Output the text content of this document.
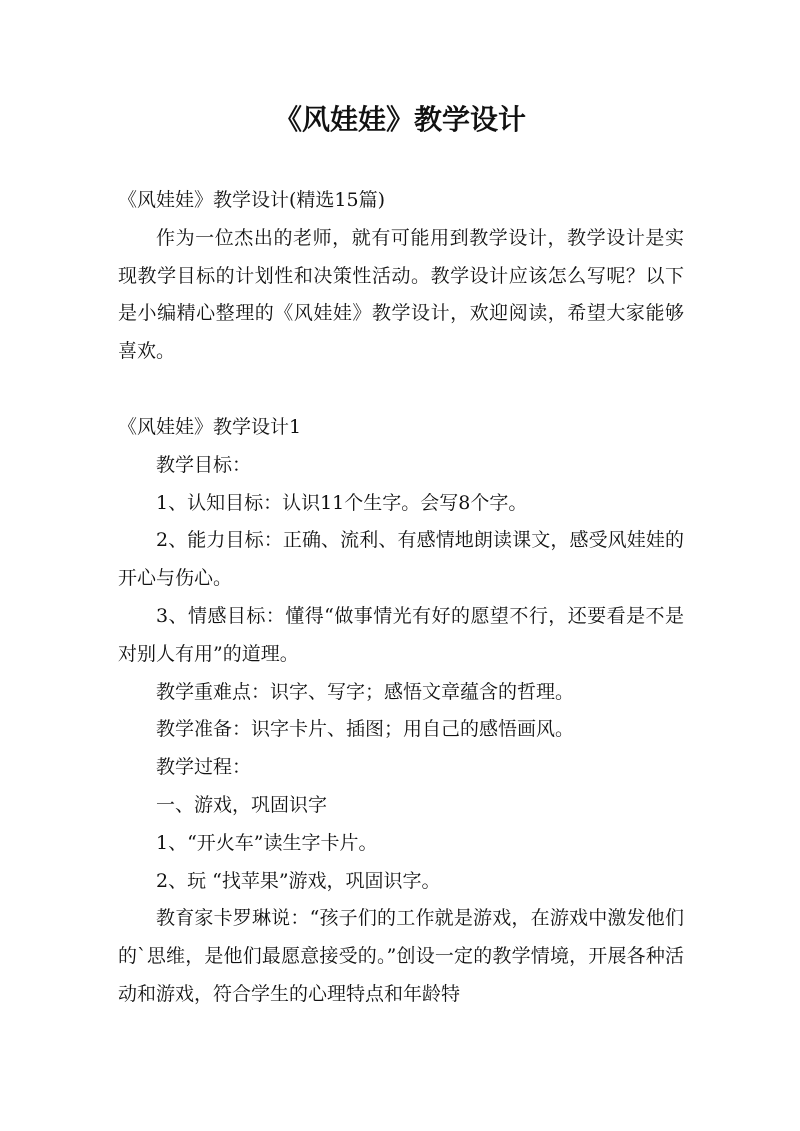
《风娃娃》教学设计

《风娃娃》教学设计(精选15篇)

作为一位杰出的老师，就有可能用到教学设计，教学设计是实现教学目标的计划性和决策性活动。教学设计应该怎么写呢？以下是小编精心整理的《风娃娃》教学设计，欢迎阅读，希望大家能够喜欢。

《风娃娃》教学设计1

教学目标：

1、认知目标：认识11个生字。会写8个字。

2、能力目标：正确、流利、有感情地朗读课文，感受风娃娃的开心与伤心。

3、情感目标：懂得“做事情光有好的愿望不行，还要看是不是对别人有用”的道理。

教学重难点：识字、写字；感悟文章蕴含的哲理。

教学准备：识字卡片、插图；用自己的感悟画风。

教学过程：

一、游戏，巩固识字

1、“开火车”读生字卡片。

2、玩 “找苹果”游戏，巩固识字。

教育家卡罗琳说：“孩子们的工作就是游戏，在游戏中激发他们的`思维，是他们最愿意接受的。”创设一定的教学情境，开展各种活动和游戏，符合学生的心理特点和年龄特
